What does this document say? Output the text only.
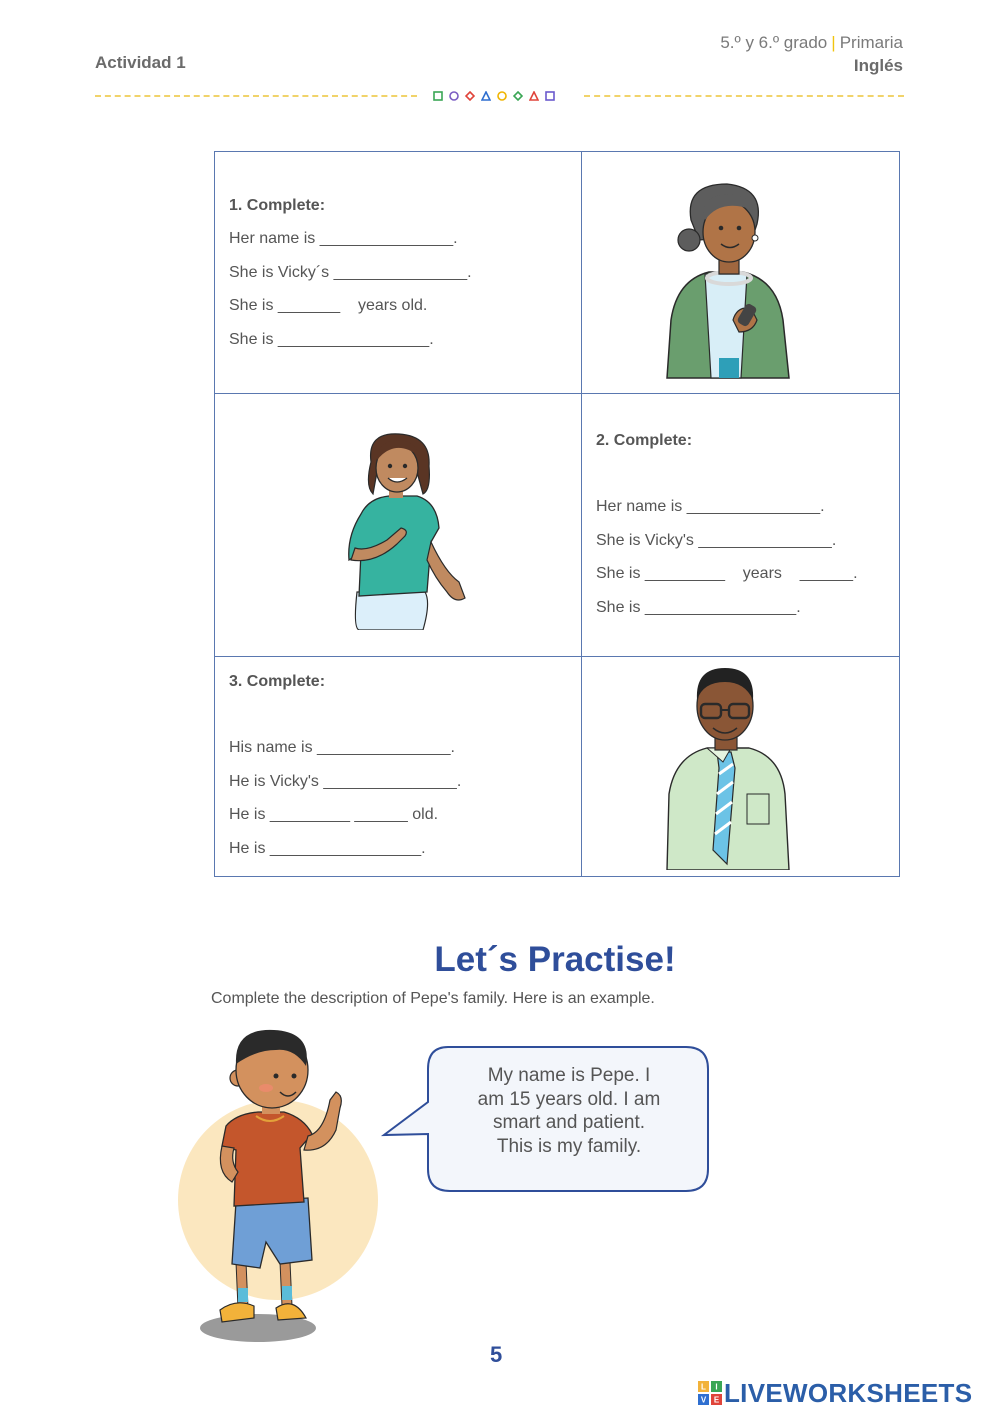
Actividad 1
5.º y 6.º grado | Primaria
Inglés
1. Complete:
Her name is _______________.
She is Vicky´s _______________.
She is _______    years old.
She is _________________.
2. Complete:
Her name is _______________.
She is Vicky's _______________.
She is _________    years    ______.
She is _________________.
3. Complete:
His name is _______________.
He is Vicky's _______________.
He is _________ ______ old.
He is _________________.
Let´s Practise!
Complete the description of Pepe's family. Here is an example.
My name is Pepe. I
am 15 years old. I am
smart and patient.
This is my family.
5
L I
V E LIVEWORKSHEETS
